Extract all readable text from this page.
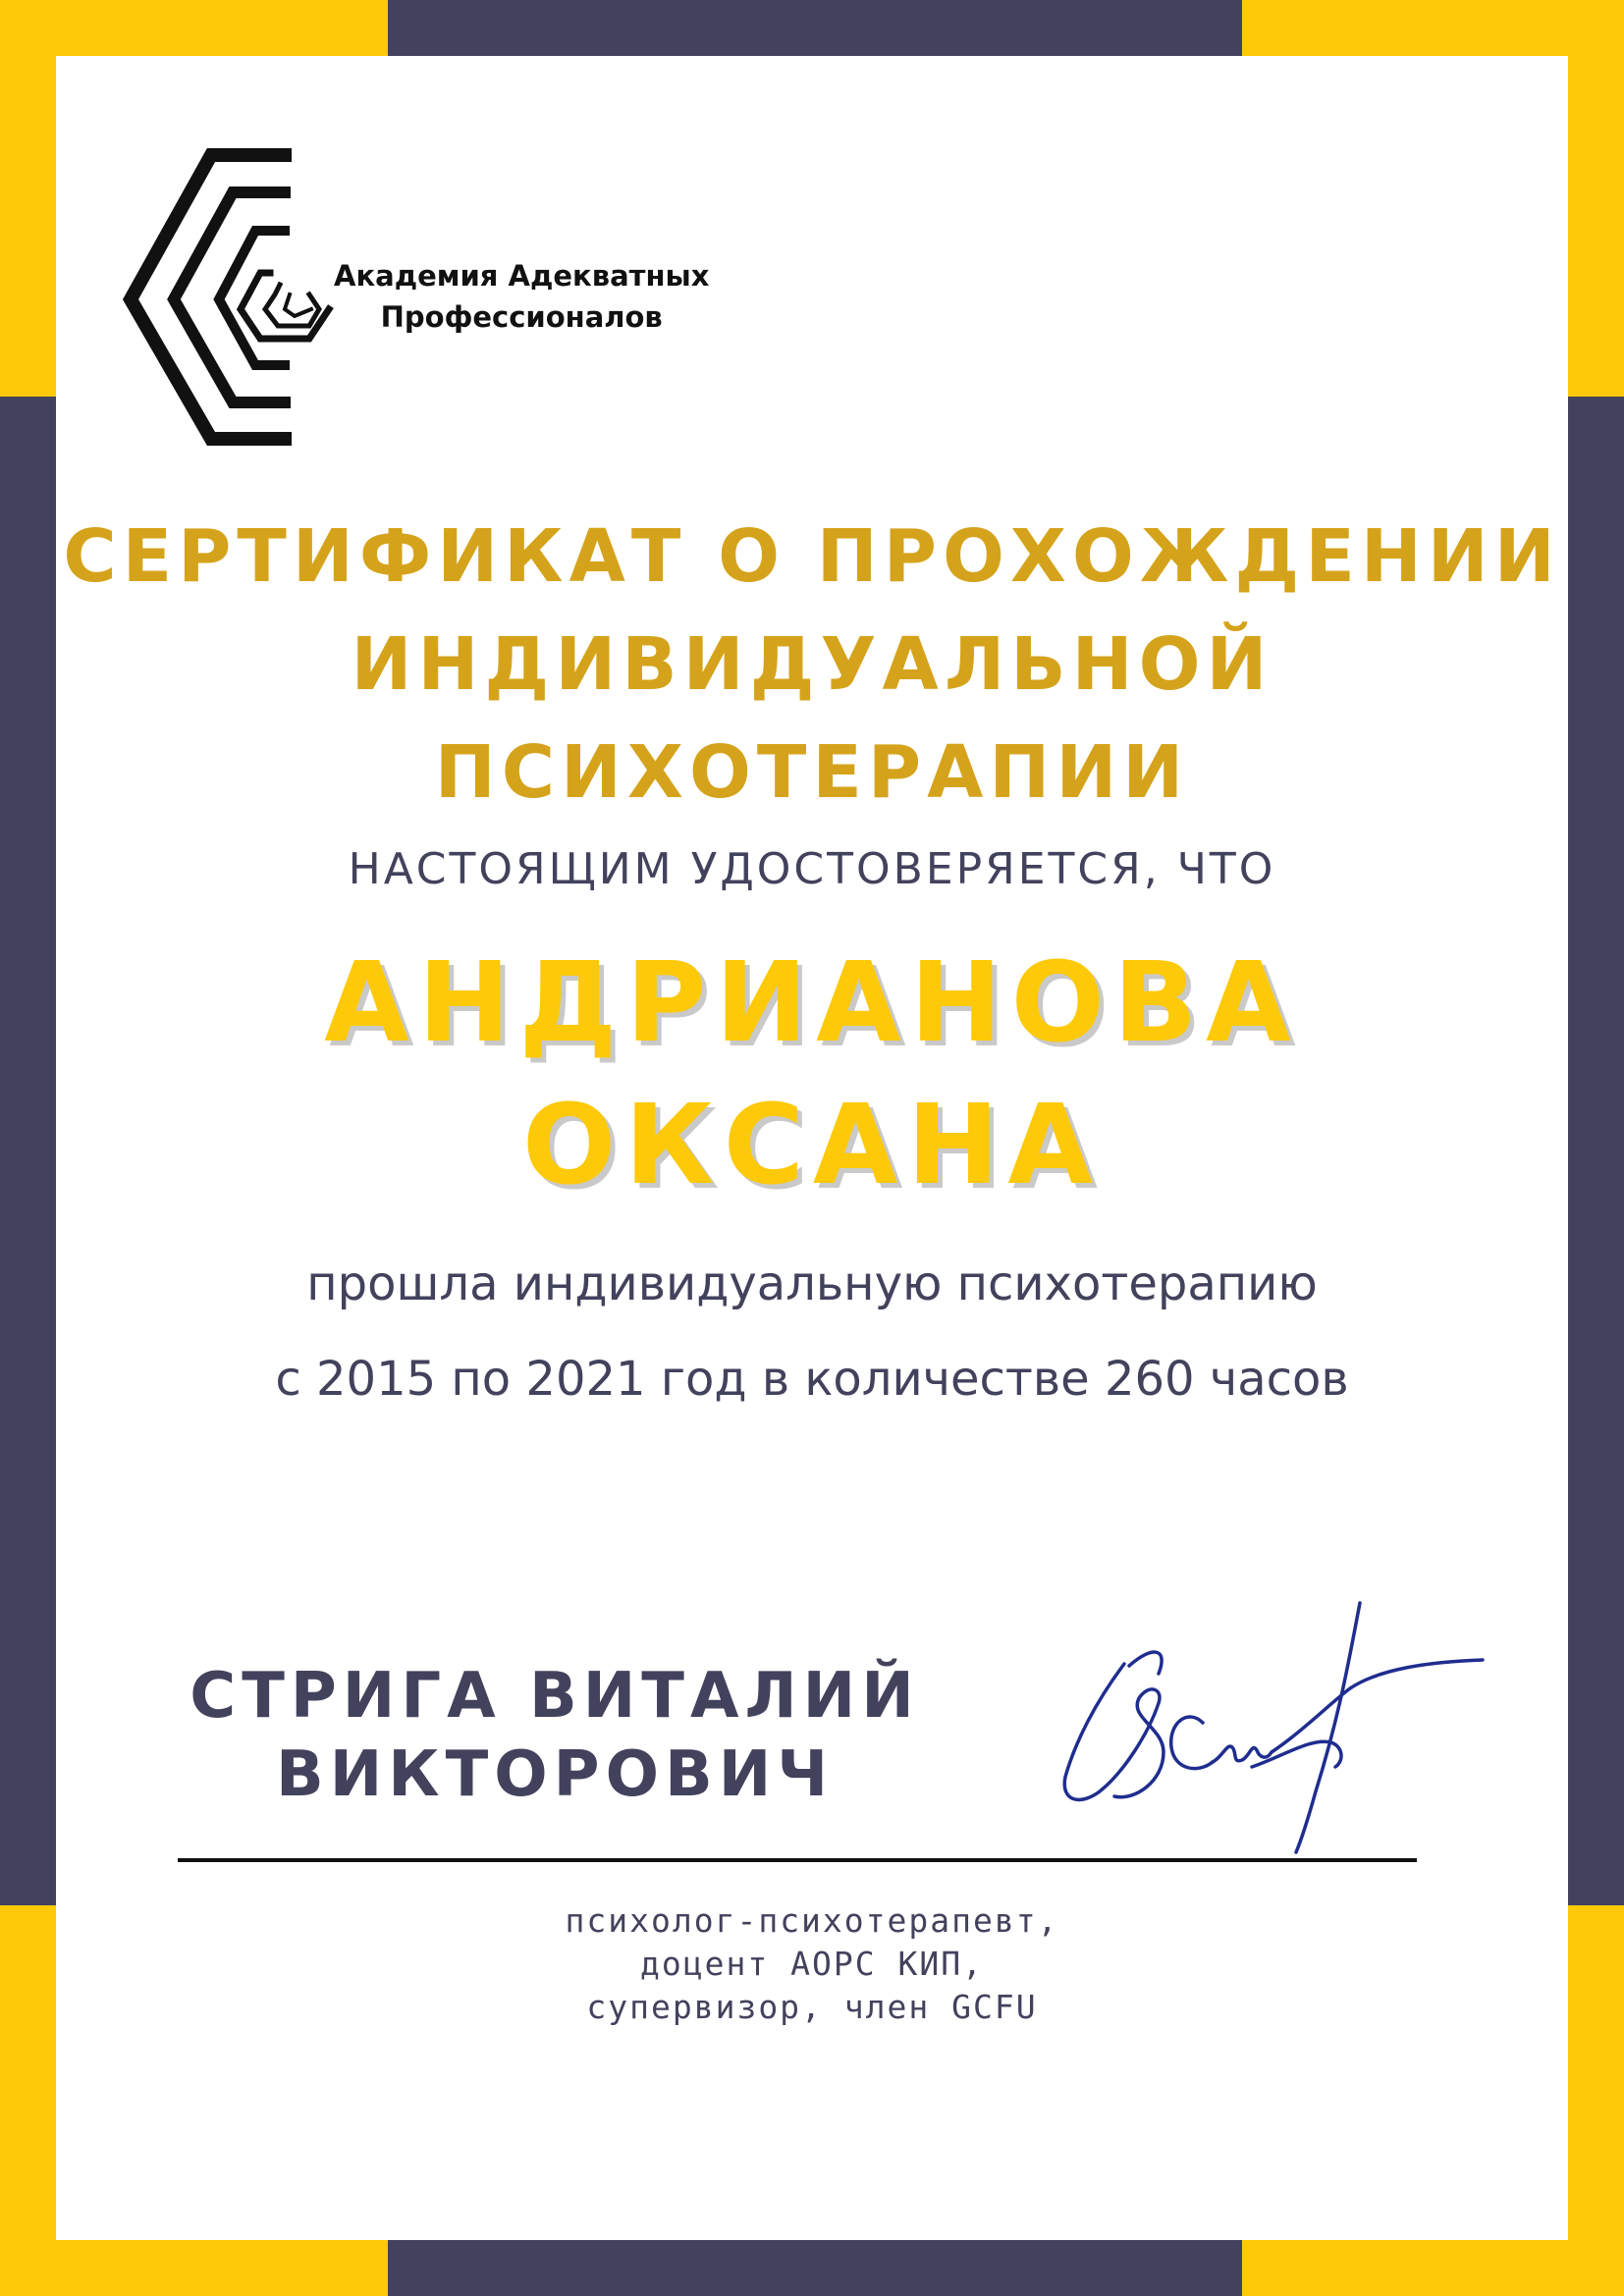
Академия Адекватных
Профессионалов
СЕРТИФИКАТ О ПРОХОЖДЕНИИ
ИНДИВИДУАЛЬНОЙ
ПСИХОТЕРАПИИ
НАСТОЯЩИМ УДОСТОВЕРЯЕТСЯ, ЧТО
АНДРИАНОВА
ОКСАНА
прошла индивидуальную психотерапию
с 2015 по 2021 год в количестве 260 часов
СТРИГА ВИТАЛИЙ
ВИКТОРОВИЧ
психолог-психотерапевт,
доцент АОРС КИП,
супервизор, член GCFU
